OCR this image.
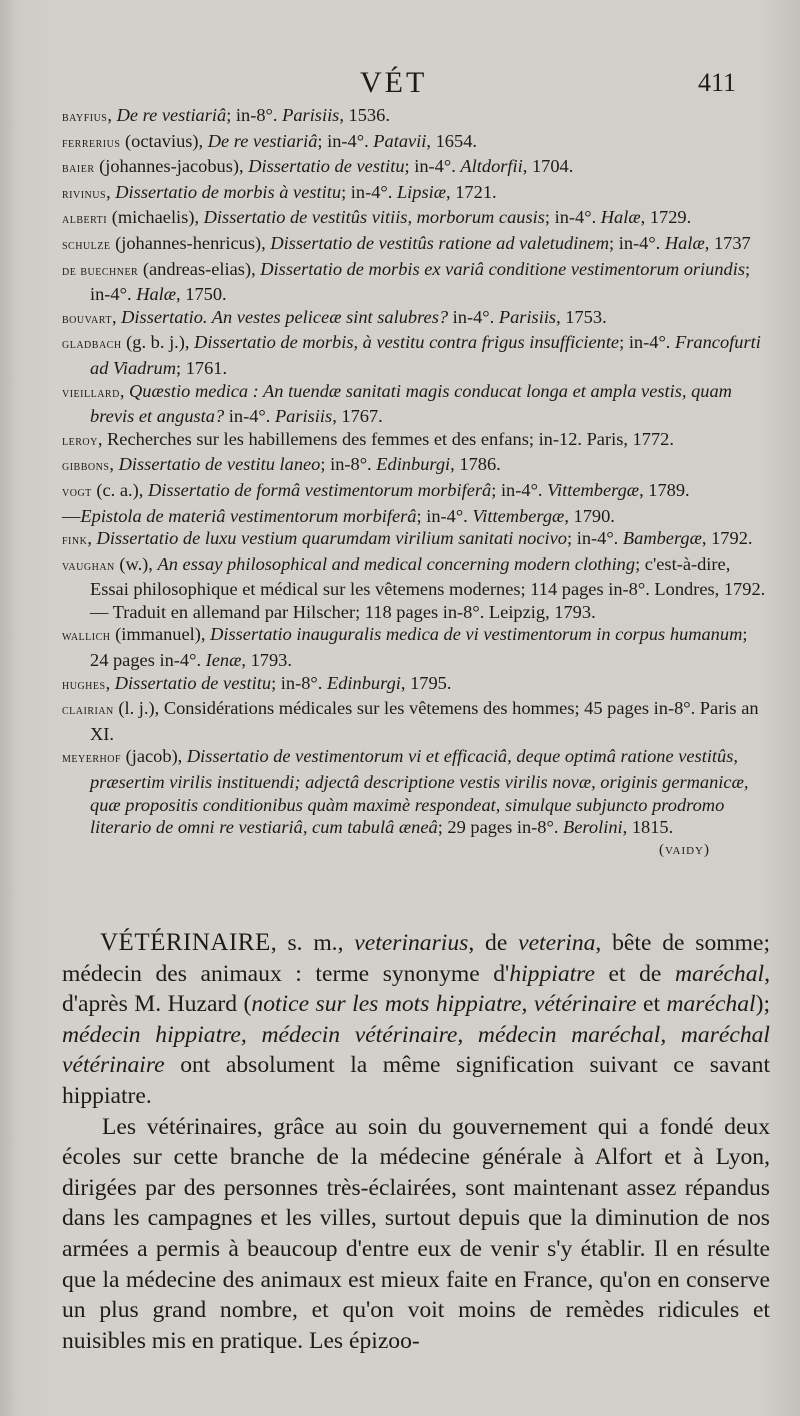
VÉT	411

bayfius, De re vestiariâ; in-8°. Parisiis, 1536.

ferrerius (octavius), De re vestiariâ; in-4°. Patavii, 1654.

baier (johannes-jacobus), Dissertatio de vestitu; in-4°. Altdorfii, 1704.

rivinus, Dissertatio de morbis à vestitu; in-4°. Lipsiæ, 1721.

alberti (michaelis), Dissertatio de vestitûs vitiis, morborum causis; in-4°. Halæ, 1729.

schulze (johannes-henricus), Dissertatio de vestitûs ratione ad valetudinem; in-4°. Halæ, 1737

de buechner (andreas-elias), Dissertatio de morbis ex variâ conditione vestimentorum oriundis; in-4°. Halæ, 1750.

bouvart, Dissertatio. An vestes peliceæ sint salubres? in-4°. Parisiis, 1753.

gladbach (g. b. j.), Dissertatio de morbis, à vestitu contra frigus insufficiente; in-4°. Francofurti ad Viadrum; 1761.

vieillard, Quæstio medica : An tuendæ sanitati magis conducat longa et ampla vestis, quam brevis et angusta? in-4°. Parisiis, 1767.

leroy, Recherches sur les habillemens des femmes et des enfans; in-12. Paris, 1772.

gibbons, Dissertatio de vestitu laneo; in-8°. Edinburgi, 1786.

vogt (c. a.), Dissertatio de formâ vestimentorum morbiferâ; in-4°. Vittembergæ, 1789.

—Epistola de materiâ vestimentorum morbiferâ; in-4°. Vittembergæ, 1790.

fink, Dissertatio de luxu vestium quarumdam virilium sanitati nocivo; in-4°. Bambergæ, 1792.

vaughan (w.), An essay philosophical and medical concerning modern clothing; c'est-à-dire, Essai philosophique et médical sur les vêtemens modernes; 114 pages in-8°. Londres, 1792. — Traduit en allemand par Hilscher; 118 pages in-8°. Leipzig, 1793.

wallich (immanuel), Dissertatio inauguralis medica de vi vestimentorum in corpus humanum; 24 pages in-4°. Ienæ, 1793.

hughes, Dissertatio de vestitu; in-8°. Edinburgi, 1795.

clairian (l. j.), Considérations médicales sur les vêtemens des hommes; 45 pages in-8°. Paris an XI.

meyerhof (jacob), Dissertatio de vestimentorum vi et efficaciâ, deque optimâ ratione vestitûs, præsertim virilis instituendi; adjectâ descriptione vestis virilis novæ, originis germanicæ, quæ propositis conditionibus quàm maximè respondeat, simulque subjuncto prodromo literario de omni re vestiariâ, cum tabulâ æneâ; 29 pages in-8°. Berolini, 1815.

(vaidy)

VÉTÉRINAIRE, s. m., veterinarius, de veterina, bête de somme; médecin des animaux : terme synonyme d'hippiatre et de maréchal, d'après M. Huzard (notice sur les mots hippiatre, vétérinaire et maréchal); médecin hippiatre, médecin vétérinaire, médecin maréchal, maréchal vétérinaire ont absolument la même signification suivant ce savant hippiatre.

Les vétérinaires, grâce au soin du gouvernement qui a fondé deux écoles sur cette branche de la médecine générale à Alfort et à Lyon, dirigées par des personnes très-éclairées, sont maintenant assez répandus dans les campagnes et les villes, surtout depuis que la diminution de nos armées a permis à beaucoup d'entre eux de venir s'y établir. Il en résulte que la médecine des animaux est mieux faite en France, qu'on en conserve un plus grand nombre, et qu'on voit moins de remèdes ridicules et nuisibles mis en pratique. Les épizoo-
